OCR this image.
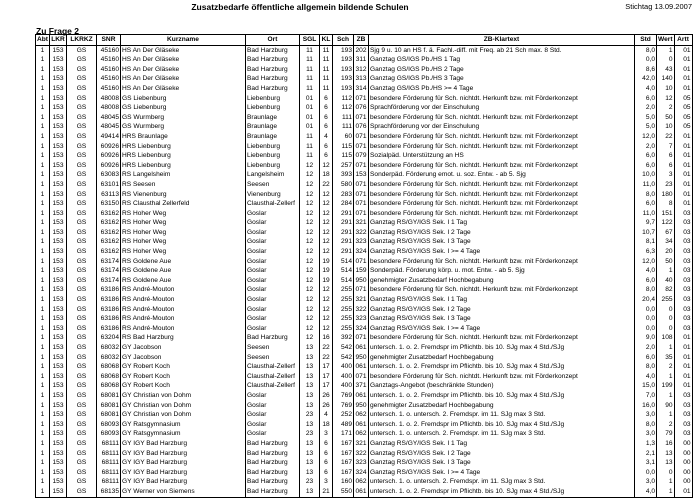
Zusatzbedarfe öffentliche allgemein bildende Schulen	Stichtag 13.09.2007
Zu Frage 2
Abt	LKR	LKRKZ	SNR	Kurzname	Ort	SGL	KL	Sch	ZB	ZB-Klartext	Std	Wert	Artt
1	153	GS	45160	HS An Der Gläseke	Bad Harzburg	11	11	193	202	Sjg 9 u. 10 an HS f. ä. Fachl.-diff. mit Freq. ab 21 Sch max. 8 Std.	8,0	1	01
1	153	GS	45160	HS An Der Gläseke	Bad Harzburg	11	11	193	311	Ganztag GS/IGS Pb./HS 1 Tag	0,0	0	01
1	153	GS	45160	HS An Der Gläseke	Bad Harzburg	11	11	193	312	Ganztag GS/IGS Pb./HS 2 Tage	8,6	43	01
1	153	GS	45160	HS An Der Gläseke	Bad Harzburg	11	11	193	313	Ganztag GS/IGS Pb./HS 3 Tage	42,0	140	01
1	153	GS	45160	HS An Der Gläseke	Bad Harzburg	11	11	193	314	Ganztag GS/IGS Pb./HS >= 4 Tage	4,0	10	01
1	153	GS	48008	GS Liebenburg	Liebenburg	01	6	112	071	besondere Förderung für Sch. nichtdt. Herkunft bzw. mit Förderkonzept	6,0	12	05
1	153	GS	48008	GS Liebenburg	Liebenburg	01	6	112	076	Sprachförderung vor der Einschulung	2,0	2	05
1	153	GS	48045	GS Wurmberg	Braunlage	01	6	111	071	besondere Förderung für Sch. nichtdt. Herkunft bzw. mit Förderkonzept	5,0	50	05
1	153	GS	48045	GS Wurmberg	Braunlage	01	6	111	076	Sprachförderung vor der Einschulung	5,0	10	05
1	153	GS	49414	HRS Braunlage	Braunlage	11	4	60	071	besondere Förderung für Sch. nichtdt. Herkunft bzw. mit Förderkonzept	12,0	22	01
1	153	GS	60926	HRS Liebenburg	Liebenburg	11	6	115	071	besondere Förderung für Sch. nichtdt. Herkunft bzw. mit Förderkonzept	2,0	7	01
1	153	GS	60926	HRS Liebenburg	Liebenburg	11	6	115	079	Sozialpäd. Unterstützung an HS	6,0	6	01
1	153	GS	60926	HRS Liebenburg	Liebenburg	12	12	257	071	besondere Förderung für Sch. nichtdt. Herkunft bzw. mit Förderkonzept	6,0	6	01
1	153	GS	63083	RS Langelsheim	Langelsheim	12	18	393	153	Sonderpäd. Förderung emot. u. soz. Entw. - ab 5. Sjg	10,0	3	01
1	153	GS	63101	RS Seesen	Seesen	12	22	580	071	besondere Förderung für Sch. nichtdt. Herkunft bzw. mit Förderkonzept	11,0	23	01
1	153	GS	63113	RS Vienenburg	Vienenburg	12	12	283	071	besondere Förderung für Sch. nichtdt. Herkunft bzw. mit Förderkonzept	8,0	180	01
1	153	GS	63150	RS Clausthal Zellerfeld	Clausthal-Zellerf	12	12	284	071	besondere Förderung für Sch. nichtdt. Herkunft bzw. mit Förderkonzept	6,0	8	01
1	153	GS	63162	RS Hoher Weg	Goslar	12	12	291	071	besondere Förderung für Sch. nichtdt. Herkunft bzw. mit Förderkonzept	11,0	151	03
1	153	GS	63162	RS Hoher Weg	Goslar	12	12	291	321	Ganztag RS/GY/IGS Sek. I 1 Tag	9,7	122	03
1	153	GS	63162	RS Hoher Weg	Goslar	12	12	291	322	Ganztag RS/GY/IGS Sek. I 2 Tage	10,7	67	03
1	153	GS	63162	RS Hoher Weg	Goslar	12	12	291	323	Ganztag RS/GY/IGS Sek. I 3 Tage	8,1	34	03
1	153	GS	63162	RS Hoher Weg	Goslar	12	12	291	324	Ganztag RS/GY/IGS Sek. I >= 4 Tage	6,3	20	03
1	153	GS	63174	RS Goldene Aue	Goslar	12	19	514	071	besondere Förderung für Sch. nichtdt. Herkunft bzw. mit Förderkonzept	12,0	50	03
1	153	GS	63174	RS Goldene Aue	Goslar	12	19	514	159	Sonderpäd. Förderung körp. u. mot. Entw. - ab 5. Sjg	4,0	1	03
1	153	GS	63174	RS Goldene Aue	Goslar	12	19	514	950	genehmigter Zusatzbedarf Hochbegabung	6,0	40	03
1	153	GS	63186	RS André-Mouton	Goslar	12	12	255	071	besondere Förderung für Sch. nichtdt. Herkunft bzw. mit Förderkonzept	8,0	82	03
1	153	GS	63186	RS André-Mouton	Goslar	12	12	255	321	Ganztag RS/GY/IGS Sek. I 1 Tag	20,4	255	03
1	153	GS	63186	RS André-Mouton	Goslar	12	12	255	322	Ganztag RS/GY/IGS Sek. I 2 Tage	0,0	0	03
1	153	GS	63186	RS André-Mouton	Goslar	12	12	255	323	Ganztag RS/GY/IGS Sek. I 3 Tage	0,0	0	03
1	153	GS	63186	RS André-Mouton	Goslar	12	12	255	324	Ganztag RS/GY/IGS Sek. I >= 4 Tage	0,0	0	03
1	153	GS	63204	RS Bad Harzburg	Bad Harzburg	12	16	392	071	besondere Förderung für Sch. nichtdt. Herkunft bzw. mit Förderkonzept	9,0	108	01
1	153	GS	68032	GY Jacobson	Seesen	13	22	542	061	untersch. 1. o. 2. Fremdspr im Pflichtb. bis 10. SJg max 4 Std./SJg	2,0	1	01
1	153	GS	68032	GY Jacobson	Seesen	13	22	542	950	genehmigter Zusatzbedarf Hochbegabung	6,0	35	01
1	153	GS	68068	GY Robert Koch	Clausthal-Zellerf	13	17	400	061	untersch. 1. o. 2. Fremdspr im Pflichtb. bis 10. SJg max 4 Std./SJg	8,0	2	01
1	153	GS	68068	GY Robert Koch	Clausthal-Zellerf	13	17	400	071	besondere Förderung für Sch. nichtdt. Herkunft bzw. mit Förderkonzept	4,0	1	01
1	153	GS	68068	GY Robert Koch	Clausthal-Zellerf	13	17	400	371	Ganztags-Angebot (beschränkte Stunden)	15,0	199	01
1	153	GS	68081	GY Christian von Dohm	Goslar	13	26	769	061	untersch. 1. o. 2. Fremdspr im Pflichtb. bis 10. SJg max 4 Std./SJg	7,0	1	03
1	153	GS	68081	GY Christian von Dohm	Goslar	13	26	769	950	genehmigter Zusatzbedarf Hochbegabung	16,0	90	03
1	153	GS	68081	GY Christian von Dohm	Goslar	23	4	252	062	untersch. 1. o. untersch. 2. Fremdspr. im 11. SJg max 3 Std.	3,0	1	03
1	153	GS	68093	GY Ratsgymnasium	Goslar	13	18	489	061	untersch. 1. o. 2. Fremdspr im Pflichtb. bis 10. SJg max 4 Std./SJg	8,0	2	03
1	153	GS	68093	GY Ratsgymnasium	Goslar	23	3	171	062	untersch. 1. o. untersch. 2. Fremdspr. im 11. SJg max 3 Std.	3,0	79	03
1	153	GS	68111	GY IGY Bad Harzburg	Bad Harzburg	13	6	167	321	Ganztag RS/GY/IGS Sek. I 1 Tag	1,3	16	00
1	153	GS	68111	GY IGY Bad Harzburg	Bad Harzburg	13	6	167	322	Ganztag RS/GY/IGS Sek. I 2 Tage	2,1	13	00
1	153	GS	68111	GY IGY Bad Harzburg	Bad Harzburg	13	6	167	323	Ganztag RS/GY/IGS Sek. I 3 Tage	3,1	13	00
1	153	GS	68111	GY IGY Bad Harzburg	Bad Harzburg	13	6	167	324	Ganztag RS/GY/IGS Sek. I >= 4 Tage	0,0	0	00
1	153	GS	68111	GY IGY Bad Harzburg	Bad Harzburg	23	3	160	062	untersch. 1. o. untersch. 2. Fremdspr. im 11. SJg max 3 Std.	3,0	1	00
1	153	GS	68135	GY Werner von Siemens	Bad Harzburg	13	21	550	061	untersch. 1. o. 2. Fremdspr im Pflichtb. bis 10. SJg max 4 Std./SJg	4,0	1	01
